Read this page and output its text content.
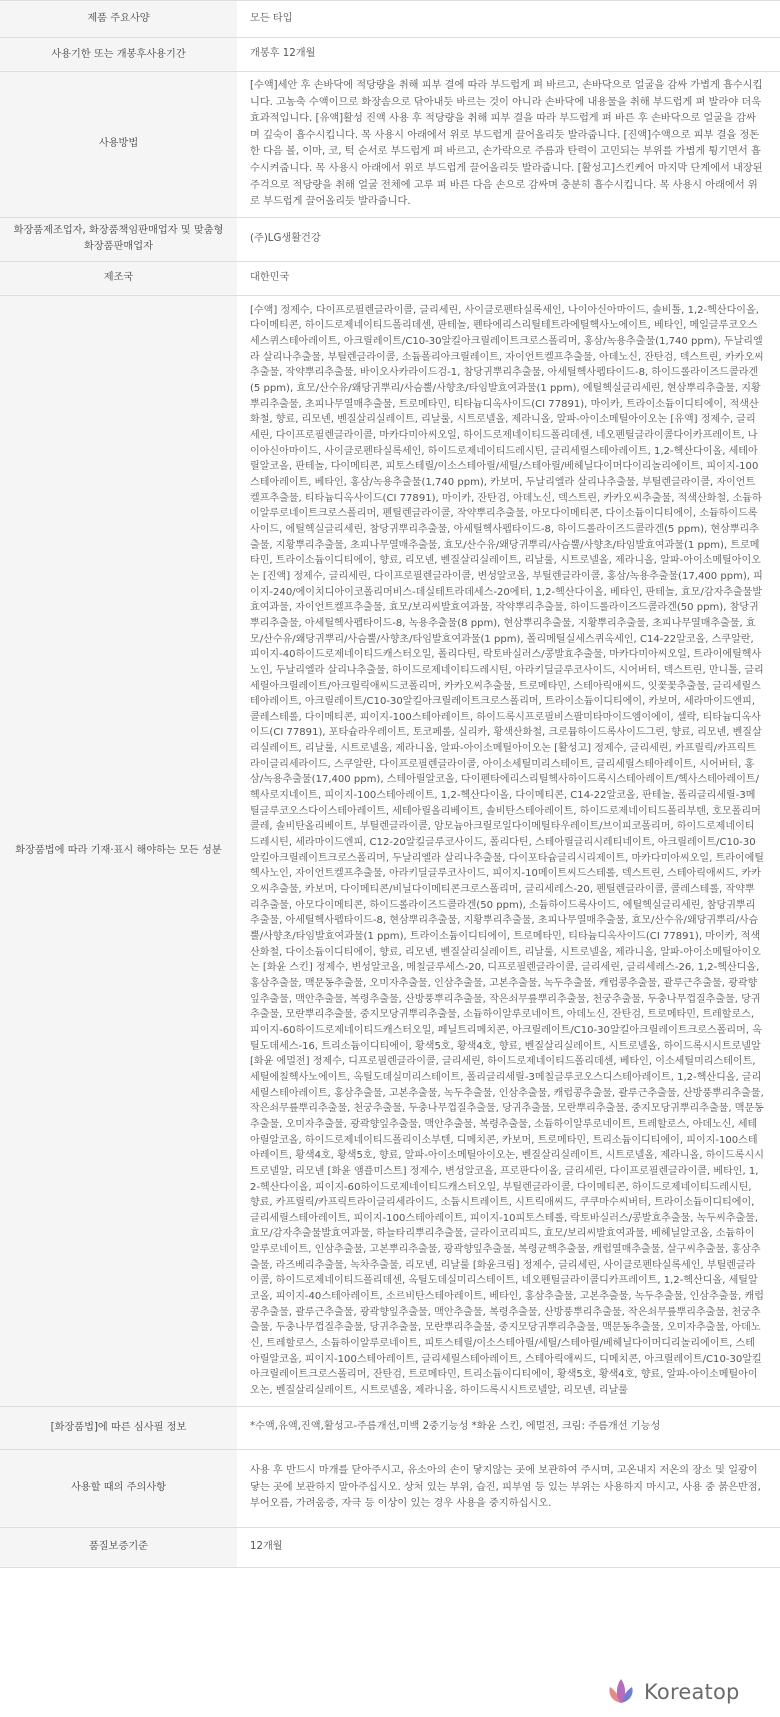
제품 주요사양	모든 타입
사용기한 또는 개봉후사용기간	개봉후 12개월
사용방법	[수액]세안 후 손바닥에 적당량을 취해 피부 결에 따라 부드럽게 펴 바르고, 손바닥으로 얼굴을 감싸 가볍게 흡수시킵니다. 고농축 수액이므로 화장솜으로 닦아내듯 바르는 것이 아니라 손바닥에 내용물을 취해 부드럽게 펴 발라야 더욱 효과적입니다. [유액]활성 진액 사용 후 적당량을 취해 피부 결을 따라 부드럽게 펴 바른 후 손바닥으로 얼굴을 감싸며 깊숙이 흡수시킵니다. 목 사용시 아래에서 위로 부드럽게 끌어올리듯 발라줍니다. [진액]수액으로 피부 결을 정돈한 다음 볼, 이마, 코, 턱 순서로 부드럽게 펴 바르고, 손가락으로 주름과 탄력이 고민되는 부위를 가볍게 튕기면서 흡수시켜줍니다. 목 사용시 아래에서 위로 부드럽게 끌어올리듯 발라줍니다. [활성고]스킨케어 마지막 단계에서 내장된 주걱으로 적당량을 취해 얼굴 전체에 고루 펴 바른 다음 손으로 감싸며 충분히 흡수시킵니다. 목 사용시 아래에서 위로 부드럽게 끌어올리듯 발라줍니다.
화장품제조업자, 화장품책임판매업자 및 맞춤형 화장품판매업자	(주)LG생활건강
제조국	대한민국
화장품법에 따라 기재·표시 해야하는 모든 성분	[수액] 정제수, 다이프로필렌글라이콜, 글리세린, 사이클로펜타실록세인, 나이아신아마이드, 솔비톨, 1,2-헥산다이올, 다이메티콘, 하이드로제네이티드폴리데센, 판테놀, 펜타에리스리틸테트라에틸헥사노에이트, 베타인, 메일글루코오스세스퀴스테아레이트, 아크릴레이트/C10-30알킬아크릴레이트크로스폴리머, 홍삼/녹용추출물(1,740 ppm), 두날리엘라 살리나추출물, 부틸렌글라이콜, 소듐폴리아크릴레이트, 자이언트켈프추출물, 아데노신, 잔탄검, 덱스트린, 카카오씨추출물, 작약뿌리추출물, 바이오사카라이드검-1, 참당귀뿌리추출물, 아세틸헥사펩타이드-8, 하이드롤라이즈드콜라겐(5 ppm), 효모/산수유/왜당귀뿌리/사슴뿔/사향초/타임발효여과물(1 ppm), 에틸헥실글리세린, 현삼뿌리추출물, 지황뿌리추출물, 초피나무열매추출물, 트로메타민, 티타늄디옥사이드(CI 77891), 마이카, 트라이소듐이디티에이, 적색산화철, 향료, 리모넨, 벤질살리실레이트, 리날룰, 시트로넬올, 제라니올, 알파-아이소메틸아이오논 [유액] 정제수, 글리세린, 다이프로필렌글라이콜, 마카다미아씨오일, 하이드로제네이티드폴리데센, 네오펜틸글라이콜다이카프레이트, 나이아신아마이드, 사이클로펜타실록세인, 하이드로제네이티드레시틴, 글리세릴스테아레이트, 1,2-헥산다이올, 세테아릴알코올, 판테놀, 다이메티콘, 피토스테릴/이소스테아릴/세틸/스테아릴/베헤닐다이머다이리놀리에이트, 피이지-100스테아레이트, 베타인, 홍삼/녹용추출물(1,740 ppm), 카보머, 두날리엘라 살리나추출물, 부틸렌글라이콜, 자이언트켈프추출물, 티타늄디옥사이드(CI 77891), 마이카, 잔탄검, 아데노신, 덱스트린, 카카오씨추출물, 적색산화철, 소듐하이알루로네이트크로스폴리머, 펜틸렌글라이콜, 작약뿌리추출물, 아모다이메티콘, 다이소듐이디티에이, 소듐하이드록사이드, 에틸헥실글리세린, 참당귀뿌리추출물, 아세틸헥사펩타이드-8, 하이드롤라이즈드콜라겐(5 ppm), 현삼뿌리추출물, 지황뿌리추출물, 초피나무열매추출물, 효모/산수유/왜당귀뿌리/사슴뿔/사향초/타임발효여과물(1 ppm), 트로메타민, 트라이소듐이디티에이, 향료, 리모넨, 벤질살리실레이트, 리날룰, 시트로넬올, 제라니올, 알파-아이소메틸아이오논 [진액] 정제수, 글리세린, 다이프로필렌글라이콜, 변성알코올, 부틸렌글라이콜, 홍삼/녹용추출물(17,400 ppm), 피이지-240/에이치디아이코폴리머비스-데실테트라데세스-20에터, 1,2-헥산다이올, 베타인, 판테놀, 효모/감자추출물발효여과물, 자이언트켈프추출물, 효모/보리씨발효여과물, 작약뿌리추출물, 하이드롤라이즈드콜라겐(50 ppm), 참당귀뿌리추출물, 아세틸헥사펩타이드-8, 녹용추출물(8 ppm), 현삼뿌리추출물, 지황뿌리추출물, 초피나무열매추출물, 효모/산수유/왜당귀뿌리/사슴뿔/사향초/타임발효여과물(1 ppm), 폴리메틸실세스퀴옥세인, C14-22알코올, 스쿠알란, 피이지-40하이드로제네이티드캐스터오일, 폴리다틴, 락토바실러스/콩발효추출물, 마카다미아씨오일, 트라이에틸헥사노인, 두날리엘라 살리나추출물, 하이드로제네이티드레시틴, 아라키딜글루코사이드, 시어버터, 덱스트린, 만니톨, 글리세릴아크릴레이트/아크릴릭애씨드코폴리머, 카카오씨추출물, 트로메타민, 스테아릭애씨드, 잇꽃꽃추출물, 글리세릴스테아레이트, 아크릴레이트/C10-30알킬아크릴레이트크로스폴리머, 트라이소듐이디티에이, 카보머, 세라마이드엔피, 콜레스테롤, 다이메티콘, 피이지-100스테아레이트, 하이드록시프로필비스팔미타마이드엠이에이, 셀락, 티타늄디옥사이드(CI 77891), 포타슘라우레이트, 토코페롤, 실리카, 황색산화철, 크로뮴하이드록사이드그린, 향료, 리모넨, 벤질살리실레이트, 리날룰, 시트로넬올, 제라니올, 알파-아이소메틸아이오논 [활성고] 정제수, 글리세린, 카프릴릭/카프릭트라이글리세라이드, 스쿠알란, 다이프로필렌글라이콜, 아이소세틸미리스테이트, 글리세릴스테아레이트, 시어버터, 홍삼/녹용추출물(17,400 ppm), 스테아릴알코올, 다이펜타에리스리틸헥사하이드록시스테아레이트/헥사스테아레이트/헥사로지네이트, 피이지-100스테아레이트, 1,2-헥산다이올, 다이메티콘, C14-22알코올, 판테놀, 폴리글리세릴-3메틸글루코오스다이스테아레이트, 세테아릴올리베이트, 솔비탄스테아레이트, 하이드로제네이티드폴리부텐, 호모폴리머콜레, 솔비탄올리베이트, 부틸렌글라이콜, 암모늄아크릴로일다이메틸타우레이트/브이피코폴리머, 하이드로제네이티드레시틴, 세라마이드엔피, C12-20알킬글루코사이드, 폴리다틴, 스테아릴글리시레티네이트, 아크릴레이트/C10-30알킬아크릴레이트크로스폴리머, 두날리엘라 살리나추출물, 다이포타슘글리시리제이트, 마카다미아씨오일, 트라이에틸헥사노인, 자이언트켈프추출물, 아라키딜글루코사이드, 피이지-10메이트씨드스테롤, 덱스트린, 스테아릭애씨드, 카카오씨추출물, 카보머, 다이메티콘/비닐다이메티콘크로스폴리머, 글리세레스-20, 펜틸렌글라이콜, 콜레스테롤, 작약뿌리추출물, 아모다이메티콘, 하이드롤라이즈드콜라겐(50 ppm), 소듐하이드록사이드, 에틸헥실글리세린, 참당귀뿌리추출물, 아세틸헥사펩타이드-8, 현삼뿌리추출물, 지황뿌리추출물, 초피나무열매추출물, 효모/산수유/왜당귀뿌리/사슴뿔/사향초/타임발효여과물(1 ppm), 트라이소듐이디티에이, 트로메타민, 티타늄디옥사이드(CI 77891), 마이카, 적색산화철, 다이소듐이디티에이, 향료, 리모넨, 벤질살리실레이트, 리날룰, 시트로넬올, 제라니올, 알파-아이소메틸아이오논 [화윤 스킨] 정제수, 변성알코올, 메칠글루세스-20, 디프로필렌글라이콜, 글리세린, 글리세레스-26, 1,2-헥산디올, 홍삼추출물, 맥문동추출물, 오미자추출물, 인삼추출물, 고본추출물, 녹두추출물, 캐럽콩추출물, 괄루근추출물, 광곽향잎추출물, 맥안추출물, 복령추출물, 산방풍뿌리추출물, 작은쇠무릎뿌리추출물, 천궁추출물, 두충나무껍질추출물, 당귀추출물, 모란뿌리추출물, 중지모당귀뿌리추출물, 소듐하이알루로네이트, 아데노신, 잔탄검, 트로메타민, 트레할로스, 피이지-60하이드로제네이티드캐스터오일, 페닐트리메치콘, 아크릴레이트/C10-30알킬아크릴레이트크로스폴리머, 옥틸도데세스-16, 트리소듐이디티에이, 황색5호, 황색4호, 향료, 벤질살리실레이트, 시트로넬올, 하이드록시시트로넬알 [화윤 에멀전] 정제수, 디프로필렌글라이콜, 글리세린, 하이드로제네이티드폴리데센, 베타인, 이소세틸미리스테이트, 세틸에칠헥사노에이트, 옥틸도데실미리스테이트, 폴리글리세릴-3메칠글루코오스디스테아레이트, 1,2-헥산디올, 글리세릴스테아레이트, 홍삼추출물, 고본추출물, 녹두추출물, 인삼추출물, 캐럽콩추출물, 괄루근추출물, 산방풍뿌리추출물, 작은쇠무릎뿌리추출물, 천궁추출물, 두충나무껍질추출물, 당귀추출물, 모란뿌리추출물, 중지모당귀뿌리추출물, 맥문동추출물, 오미자추출물, 광곽향잎추출물, 맥안추출물, 복령추출물, 소듐하이알루로네이트, 트레할로스, 아데노신, 세테아릴알코올, 하이드로제네이티드폴리이소부텐, 디메치콘, 카보머, 트로메타민, 트리소듐이디티에이, 피이지-100스테아레이트, 황색4호, 황색5호, 향료, 알파-아이소메틸아이오논, 벤질살리실레이트, 시트로넬올, 제라니올, 하이드록시시트로넬알, 리모넨 [화윤 앰플미스트] 정제수, 변성알코올, 프로판다이올, 글리세린, 다이프로필렌글라이콜, 베타인, 1,2-헥산다이올, 피이지-60하이드로제네이티드캐스터오일, 부틸렌글라이콜, 다이메티콘, 하이드로제네이티드레시틴, 향료, 카프릴릭/카프릭트라이글리세라이드, 소듐시트레이트, 시트릭애씨드, 쿠쿠마수씨버터, 트라이소듐이디티에이, 글리세릴스테아레이트, 피이지-100스테아레이트, 피이지-10피토스테롤, 락토바실러스/콩발효추출물, 녹두씨추출물, 효모/감자추출물발효여과물, 하늘타리뿌리추출물, 글라이코리피드, 효모/보리씨발효여과물, 베헤닐알코올, 소듐하이알루로네이트, 인삼추출물, 고본뿌리추출물, 광곽향잎추출물, 복령균핵추출물, 캐럽열매추출물, 살구씨추출물, 홍삼추출물, 라즈베리추출물, 녹차추출물, 리모넨, 리날룰 [화윤크림] 정제수, 글리세린, 사이클로펜타실록세인, 부틸렌글라이콜, 하이드로제네이티드폴리데센, 옥틸도데실미리스테이트, 네오펜틸글라이콜디카프레이트, 1,2-헥산디올, 세틸알코올, 피이지-40스테아레이트, 소르비탄스테아레이트, 베타인, 홍삼추출물, 고본추출물, 녹두추출물, 인삼추출물, 캐럽콩추출물, 괄루근추출물, 광곽향잎추출물, 맥안추출물, 복령추출물, 산방풍뿌리추출물, 작은쇠무릎뿌리추출물, 천궁추출물, 두충나무껍질추출물, 당귀추출물, 모란뿌리추출물, 중지모당귀뿌리추출물, 맥문동추출물, 오미자추출물, 아데노신, 트레할로스, 소듐하이알루로네이트, 피토스테릴/이소스테아릴/세틸/스테아릴/베헤닐다이머디리놀리에이트, 스테아릴알코올, 피이지-100스테아레이트, 글리세릴스테아레이트, 스테아릭애씨드, 디메치콘, 아크릴레이트/C10-30알킬아크릴레이트크로스폴리머, 잔탄검, 트로메타민, 트리소듐이디티에이, 황색5호, 황색4호, 향료, 알파-아이소메틸아이오논, 벤질살리실레이트, 시트로넬올, 제라니올, 하이드록시시트로넬알, 리모넨, 리날룰
[화장품법]에 따른 심사필 정보	*수액,유액,진액,활성고-주름개선,미백 2중기능성 *화윤 스킨, 에멀전, 크림: 주름개선 기능성
사용할 때의 주의사항	사용 후 반드시 마개를 닫아주시고, 유소아의 손이 닿지않는 곳에 보관하여 주시며, 고온내지 저온의 장소 및 일광이 닿는 곳에 보관하지 말아주십시오. 상처 있는 부위, 습진, 피부염 등 있는 부위는 사용하지 마시고, 사용 중 붉은반점, 부어오름, 가려움증, 자극 등 이상이 있는 경우 사용을 중지하십시오.
품질보증기준	12개월
Koreatop
